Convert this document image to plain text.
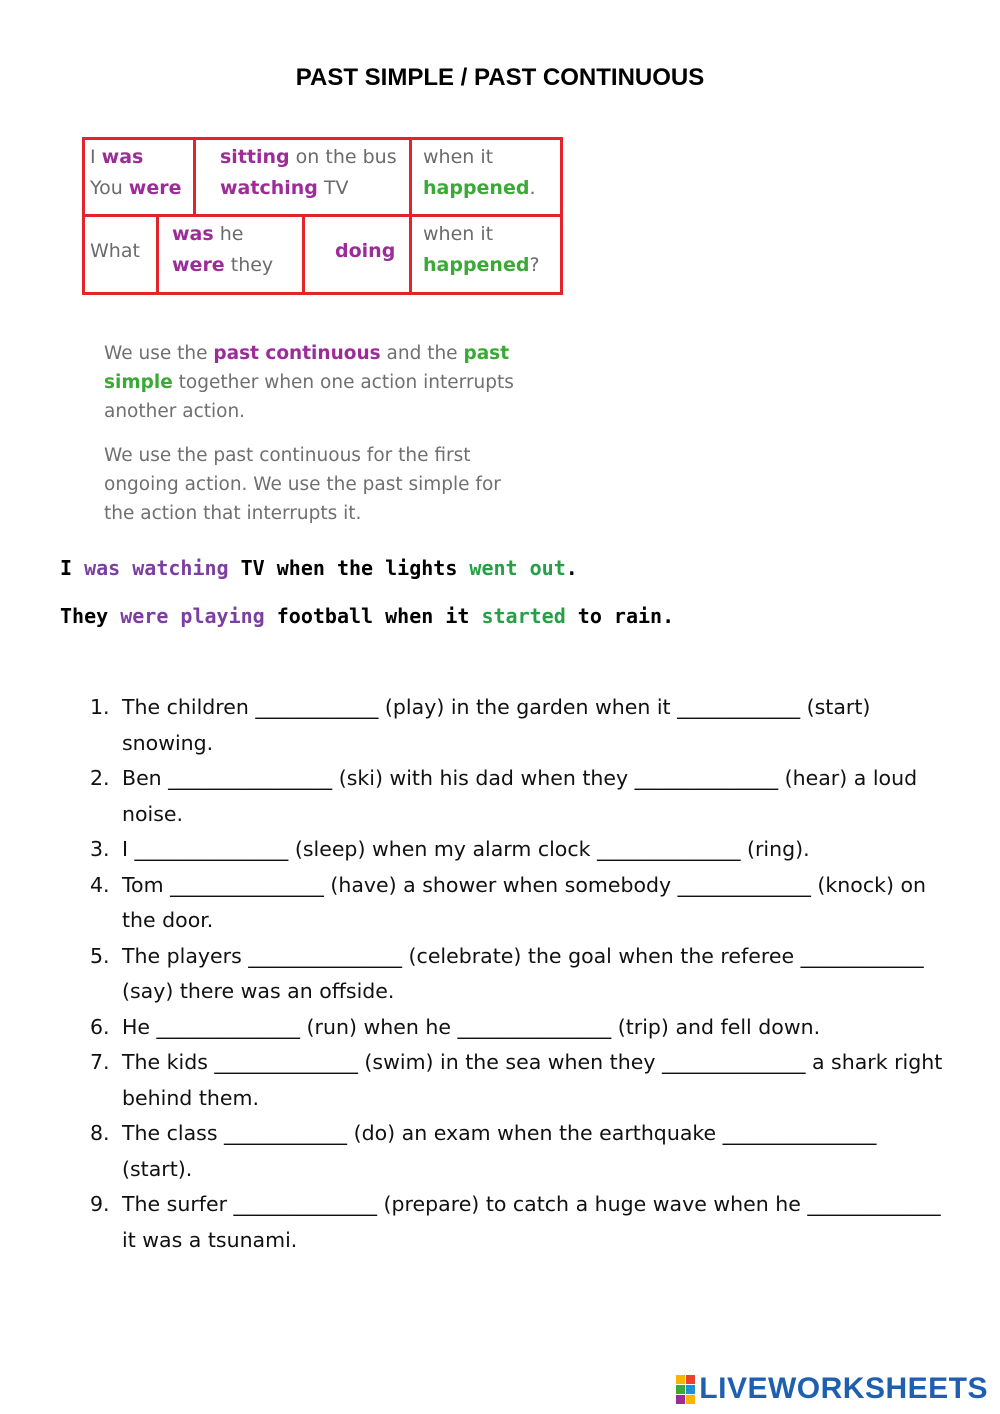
PAST SIMPLE / PAST CONTINUOUS
I was
You were
sitting on the bus
watching TV
when it
happened.
What
was he
were they
doing
when it
happened?
We use the past continuous and the past
simple together when one action interrupts another action.
We use the past continuous for the first ongoing action. We use the past simple for the action that interrupts it.
I was watching TV when the lights went out.
They were playing football when it started to rain.
1. The children ____________ (play) in the garden when it ____________ (start) snowing.
2. Ben ________________ (ski) with his dad when they ______________ (hear) a loud noise.
3. I _______________ (sleep) when my alarm clock ______________ (ring).
4. Tom _______________ (have) a shower when somebody _____________ (knock) on the door.
5. The players _______________ (celebrate) the goal when the referee ____________ (say) there was an offside.
6. He ______________ (run) when he _______________ (trip) and fell down.
7. The kids ______________ (swim) in the sea when they ______________ a shark right behind them.
8. The class ____________ (do) an exam when the earthquake _______________ (start).
9. The surfer ______________ (prepare) to catch a huge wave when he _____________ it was a tsunami.
LIVEWORKSHEETS
